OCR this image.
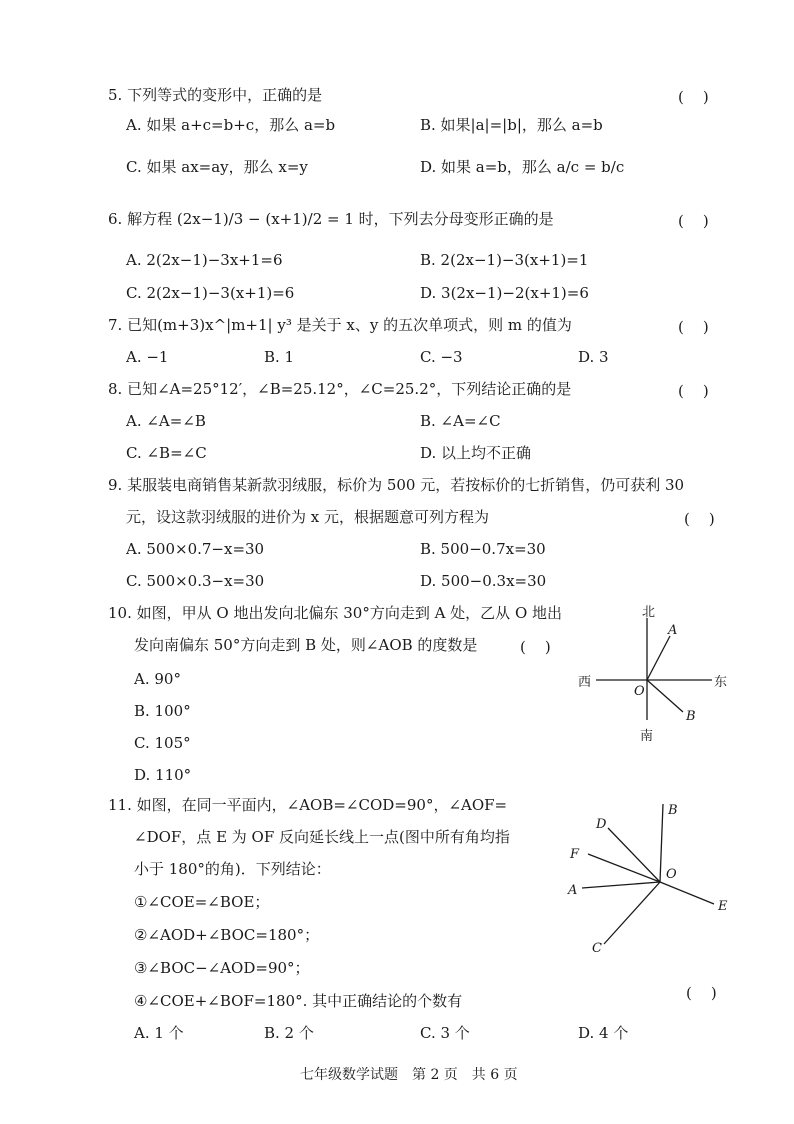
5. 下列等式的变形中，正确的是	(    )
A. 如果 a+c=b+c，那么 a=b	B. 如果|a|=|b|，那么 a=b
C. 如果 ax=ay，那么 x=y	D. 如果 a=b，那么 a/c = b/c
6. 解方程 (2x−1)/3 − (x+1)/2 = 1 时，下列去分母变形正确的是	(    )
A. 2(2x−1)−3x+1=6	B. 2(2x−1)−3(x+1)=1
C. 2(2x−1)−3(x+1)=6	D. 3(2x−1)−2(x+1)=6
7. 已知(m+3)x^|m+1| y³ 是关于 x、y 的五次单项式，则 m 的值为	(    )
A. −1	B. 1	C. −3	D. 3
8. 已知∠A=25°12′，∠B=25.12°，∠C=25.2°，下列结论正确的是	(    )
A. ∠A=∠B	B. ∠A=∠C
C. ∠B=∠C	D. 以上均不正确
9. 某服装电商销售某新款羽绒服，标价为 500 元，若按标价的七折销售，仍可获利 30
元，设这款羽绒服的进价为 x 元，根据题意可列方程为	(    )
A. 500×0.7−x=30	B. 500−0.7x=30
C. 500×0.3−x=30	D. 500−0.3x=30
10. 如图，甲从 O 地出发向北偏东 30°方向走到 A 处，乙从 O 地出
发向南偏东 50°方向走到 B 处，则∠AOB 的度数是	(    )
A. 90°
B. 100°
C. 105°
D. 110°
北
南
西	东
A
B
O
11. 如图，在同一平面内，∠AOB=∠COD=90°，∠AOF=
∠DOF，点 E 为 OF 反向延长线上一点(图中所有角均指
小于 180°的角)．下列结论：
①∠COE=∠BOE；
②∠AOD+∠BOC=180°；
③∠BOC−∠AOD=90°；
④∠COE+∠BOF=180°. 其中正确结论的个数有	(    )
A. 1 个	B. 2 个	C. 3 个	D. 4 个
B
D
F
A
O
E
C
七年级数学试题　第 2 页　共 6 页
